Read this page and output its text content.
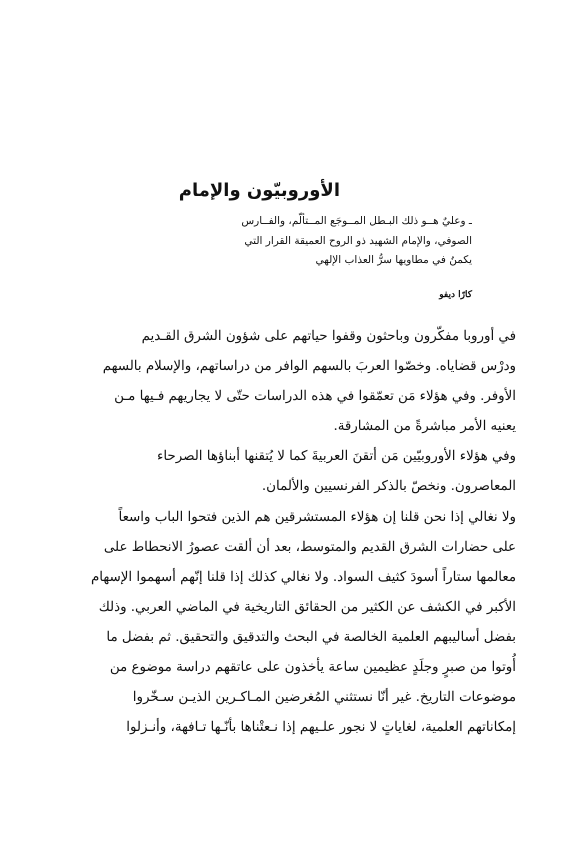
الأوروبيّون والإمام
ـ وعليٌ هــو ذلك البـطل المــوجَع المــتألّم، والفــارس
الصوفي، والإمام الشهيد ذو الروح العميقة القرار التي
يكمنُ في مطاويها سرُّ العذاب الإلهي
كارًا ديفو
في أوروبا مفكّرون وباحثون وقفوا حياتهم على شؤون الشرق القـديم
ودرْس قضاياه. وخصّوا العربَ بالسهم الوافر من دراساتهم، والإسلام بالسهم
الأوفر. وفي هؤلاء مَن تعمّقوا في هذه الدراسات حتّى لا يجاريهم فـيها مـن
يعنيه الأمر مباشرةً من المشارقة.
وفي هؤلاء الأوروبيّين مَن أتقنَ العربيةَ كما لا يُتقنها أبناؤها الصرحاء
المعاصرون. ونخصّ بالذكر الفرنسيين والألمان.
ولا نغالي إذا نحن قلنا إن هؤلاء المستشرقين هم الذين فتحوا الباب واسعاً
على حضارات الشرق القديم والمتوسط، بعد أن ألقت عصورُ الانحطاط على
معالمها ستاراً أسودَ كثيف السواد. ولا نغالي كذلك إذا قلنا إنّهم أسهموا الإسهام
الأكبر في الكشف عن الكثير من الحقائق التاريخية في الماضي العربي. وذلك
بفضل أساليبهم العلمية الخالصة في البحث والتدقيق والتحقيق. ثم بفضل ما
أُوتوا من صبرٍ وجلَدٍ عظيمين ساعة يأخذون على عاتقهم دراسة موضوع من
موضوعات التاريخ. غير أنّا نستثني المُغرضين المـاكـرين الذيـن سـخّروا
إمكاناتهم العلمية، لغاياتٍ لا نجور علـيهم إذا نـعتْناها بأنّـها تـافهة، وأنـزلوا
